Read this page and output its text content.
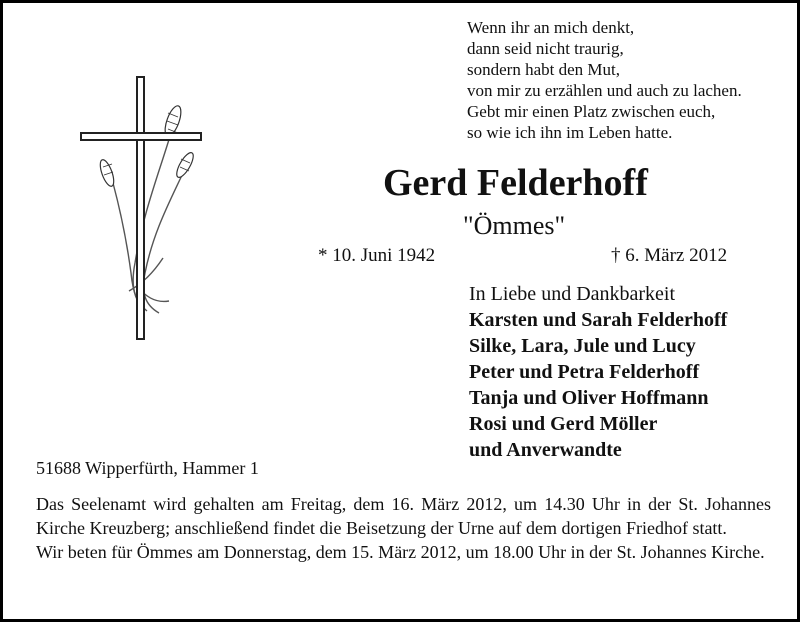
Wenn ihr an mich denkt,
dann seid nicht traurig,
sondern habt den Mut,
von mir zu erzählen und auch zu lachen.
Gebt mir einen Platz zwischen euch,
so wie ich ihn im Leben hatte.
Gerd Felderhoff
"Ömmes"
* 10. Juni 1942	† 6. März 2012
In Liebe und Dankbarkeit
Karsten und Sarah Felderhoff
Silke, Lara, Jule und Lucy
Peter und Petra Felderhoff
Tanja und Oliver Hoffmann
Rosi und Gerd Möller
und Anverwandte
51688 Wipperfürth, Hammer 1

Das Seelenamt wird gehalten am Freitag, dem 16. März 2012, um 14.30 Uhr in der St. Johannes Kirche Kreuzberg; anschließend findet die Beisetzung der Urne auf dem dortigen Friedhof statt.

Wir beten für Ömmes am Donnerstag, dem 15. März 2012, um 18.00 Uhr in der St. Johannes Kirche.
